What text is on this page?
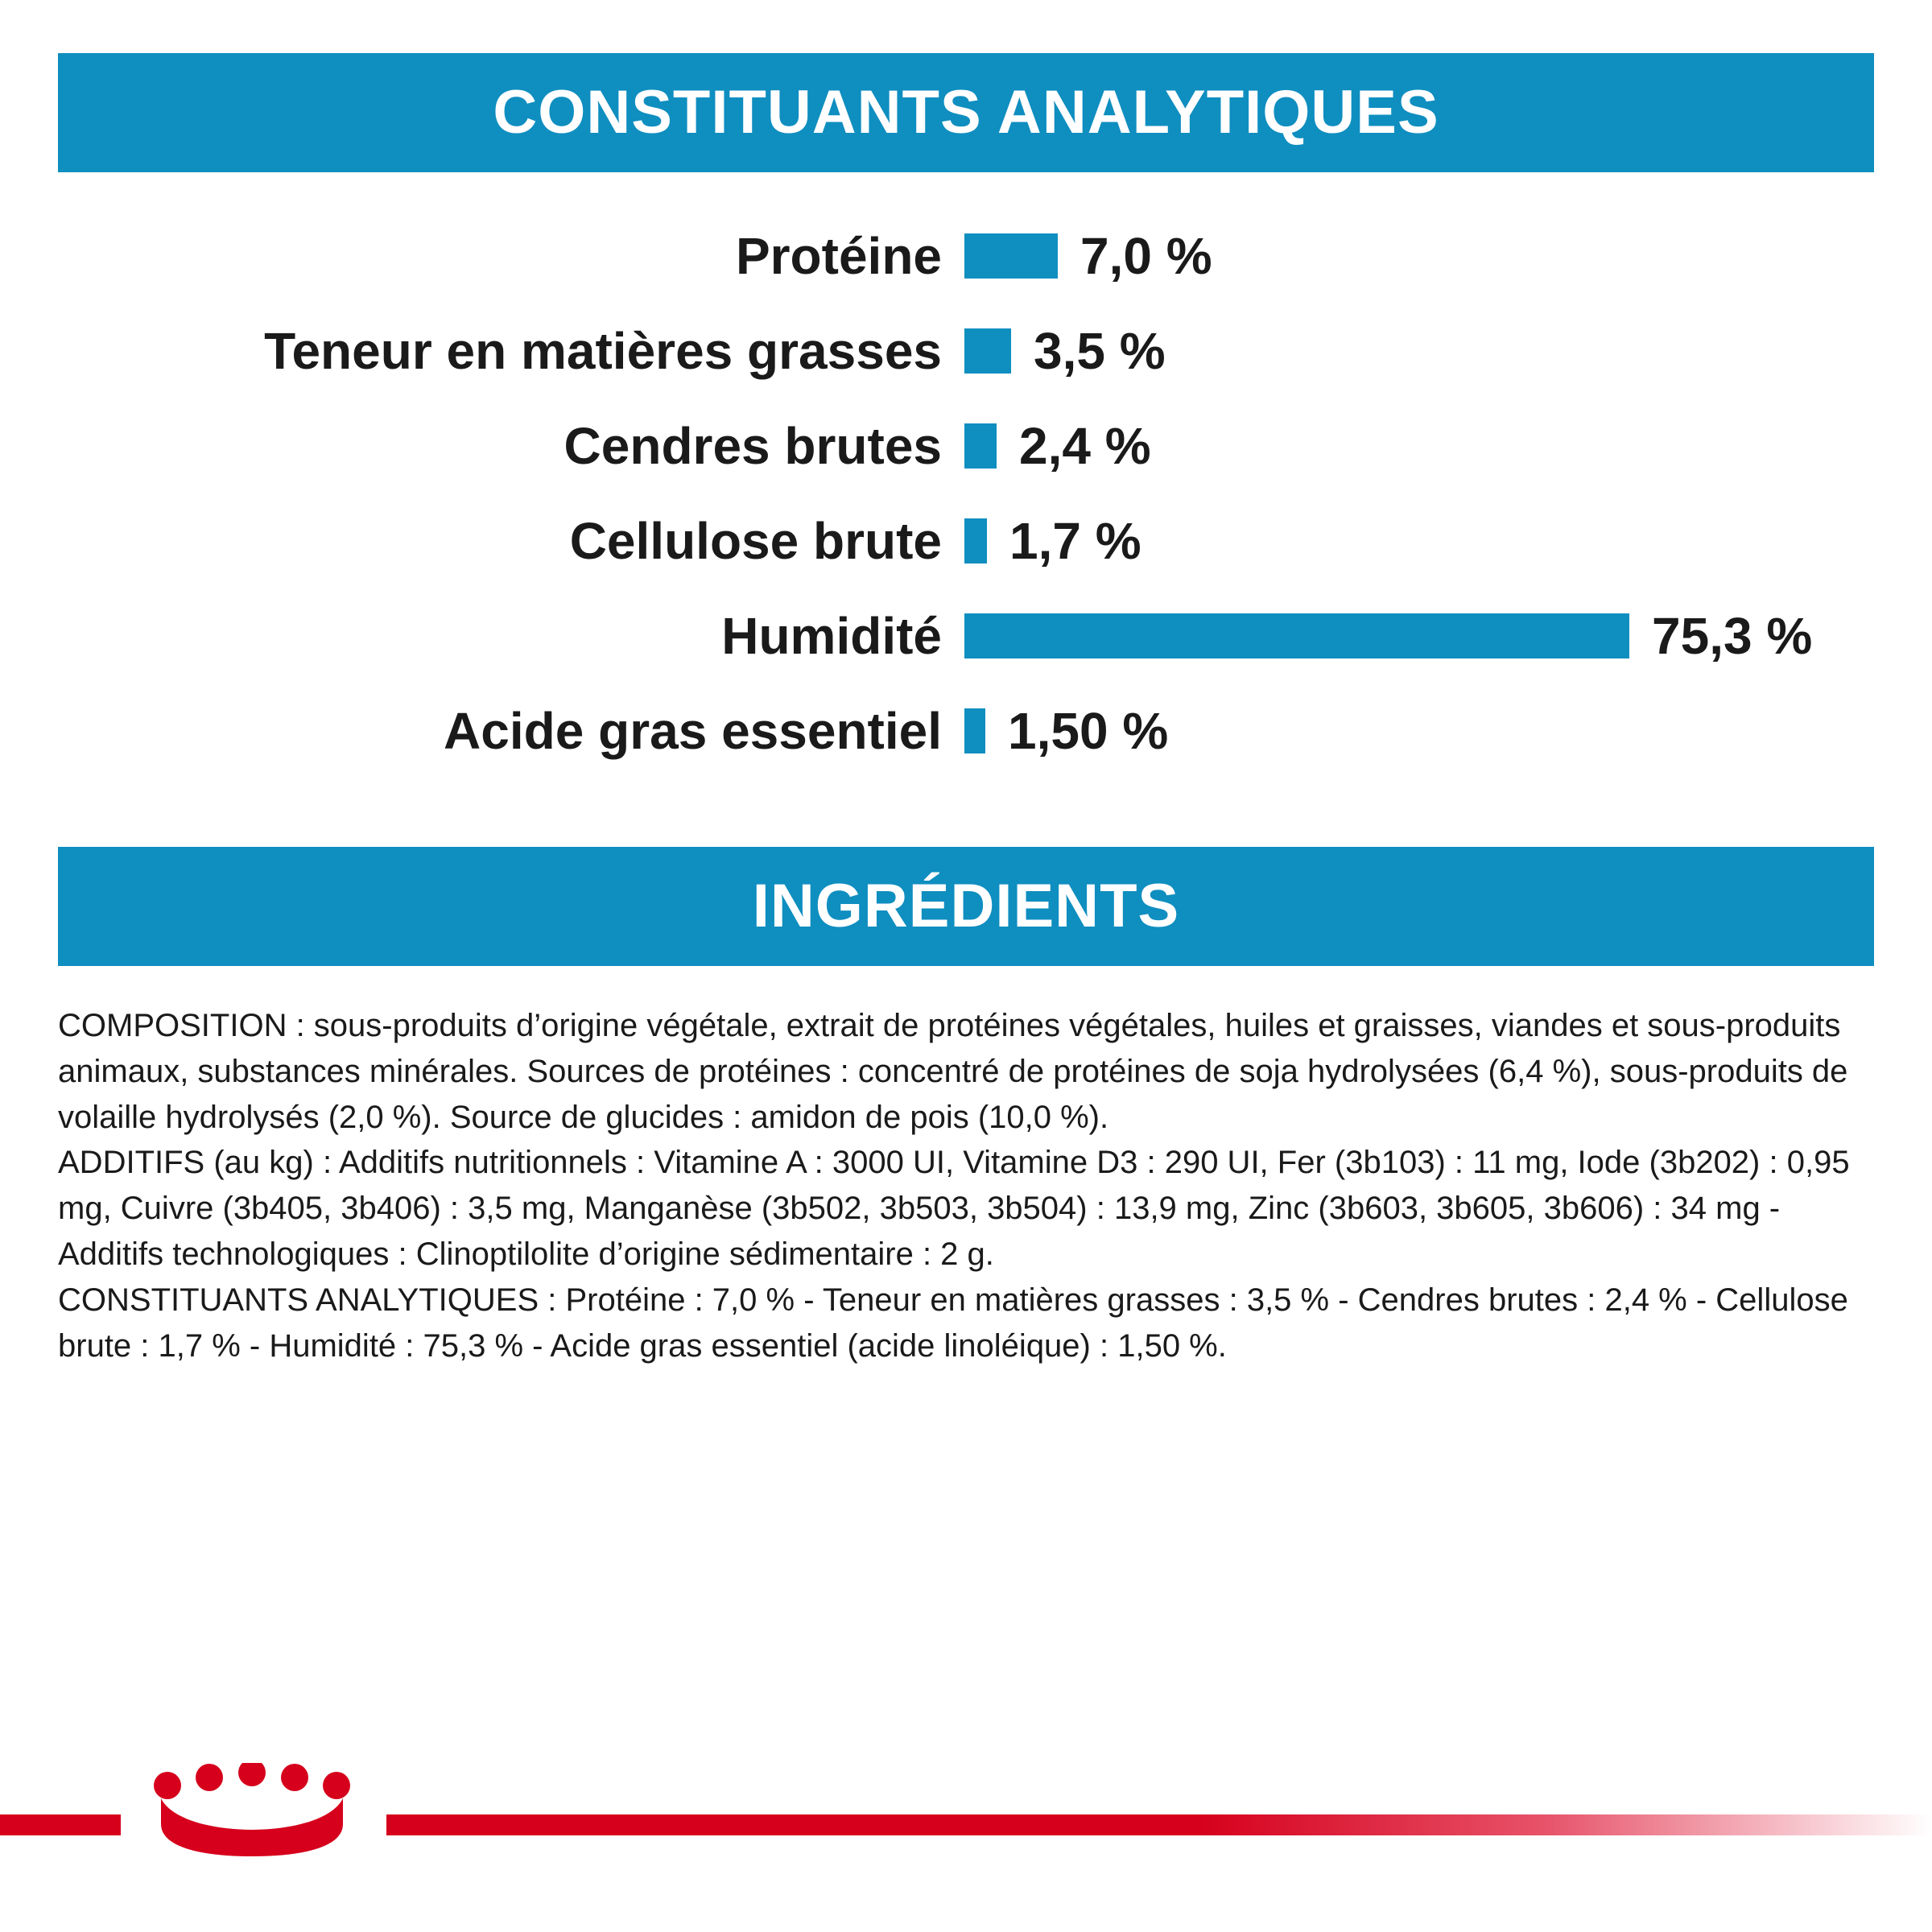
CONSTITUANTS ANALYTIQUES
Protéine	7,0 %
Teneur en matières grasses	3,5 %
Cendres brutes	2,4 %
Cellulose brute	1,7 %
Humidité	75,3 %
Acide gras essentiel	1,50 %
INGRÉDIENTS

COMPOSITION : sous-produits d’origine végétale, extrait de protéines végétales, huiles et graisses, viandes et sous-produits animaux, substances minérales. Sources de protéines : concentré de protéines de soja hydrolysées (6,4 %), sous-produits de volaille hydrolysés (2,0 %). Source de glucides : amidon de pois (10,0 %).

ADDITIFS (au kg) : Additifs nutritionnels : Vitamine A : 3000 UI, Vitamine D3 : 290 UI, Fer (3b103) : 11 mg, Iode (3b202) : 0,95 mg, Cuivre (3b405, 3b406) : 3,5 mg, Manganèse (3b502, 3b503, 3b504) : 13,9 mg, Zinc (3b603, 3b605, 3b606) : 34 mg - Additifs technologiques : Clinoptilolite d’origine sédimentaire : 2 g.

CONSTITUANTS ANALYTIQUES : Protéine : 7,0 % - Teneur en matières grasses : 3,5 % - Cendres brutes : 2,4 % - Cellulose brute : 1,7 % - Humidité : 75,3 % - Acide gras essentiel (acide linoléique) : 1,50 %.
